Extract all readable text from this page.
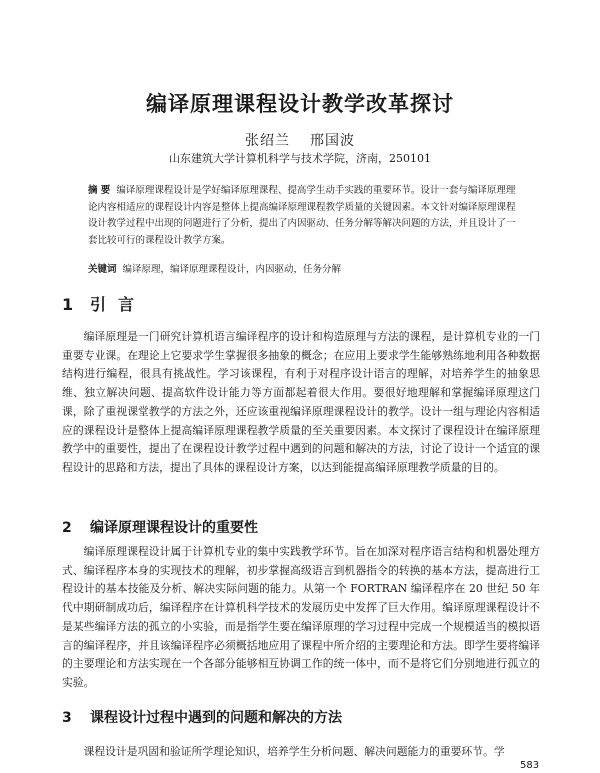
编译原理课程设计教学改革探讨
张绍兰 邢国波
山东建筑大学计算机科学与技术学院，济南，250101
摘 要 编译原理课程设计是学好编译原理课程、提高学生动手实践的重要环节。设计一套与编译原理理论内容相适应的课程设计内容是整体上提高编译原理课程教学质量的关键因素。本文针对编译原理课程设计教学过程中出现的问题进行了分析，提出了内因驱动、任务分解等解决问题的方法，并且设计了一套比较可行的课程设计教学方案。
关键词 编译原理，编译原理课程设计，内因驱动，任务分解
1 引言
编译原理是一门研究计算机语言编译程序的设计和构造原理与方法的课程，是计算机专业的一门重要专业课。在理论上它要求学生掌握很多抽象的概念；在应用上要求学生能够熟练地利用各种数据结构进行编程，很具有挑战性。学习该课程，有利于对程序设计语言的理解，对培养学生的抽象思维、独立解决问题、提高软件设计能力等方面都起着很大作用。要很好地理解和掌握编译原理这门课，除了重视课堂教学的方法之外，还应该重视编译原理课程设计的教学。设计一组与理论内容相适应的课程设计是整体上提高编译原理课程教学质量的至关重要因素。本文探讨了课程设计在编译原理教学中的重要性，提出了在课程设计教学过程中遇到的问题和解决的方法，讨论了设计一个适宜的课程设计的思路和方法，提出了具体的课程设计方案，以达到能提高编译原理教学质量的目的。
2 编译原理课程设计的重要性
编译原理课程设计属于计算机专业的集中实践教学环节。旨在加深对程序语言结构和机器处理方式、编译程序本身的实现技术的理解，初步掌握高级语言到机器指令的转换的基本方法，提高进行工程设计的基本技能及分析、解决实际问题的能力。从第一个 FORTRAN 编译程序在 20 世纪 50 年代中期研制成功后，编译程序在计算机科学技术的发展历史中发挥了巨大作用。编译原理课程设计不是某些编译方法的孤立的小实验，而是指学生要在编译原理的学习过程中完成一个规模适当的模拟语言的编译程序，并且该编译程序必须概括地应用了课程中所介绍的主要理论和方法。即学生要将编译的主要理论和方法实现在一个各部分能够相互协调工作的统一体中，而不是将它们分别地进行孤立的实验。
3 课程设计过程中遇到的问题和解决的方法
课程设计是巩固和验证所学理论知识，培养学生分析问题、解决问题能力的重要环节。学
583
